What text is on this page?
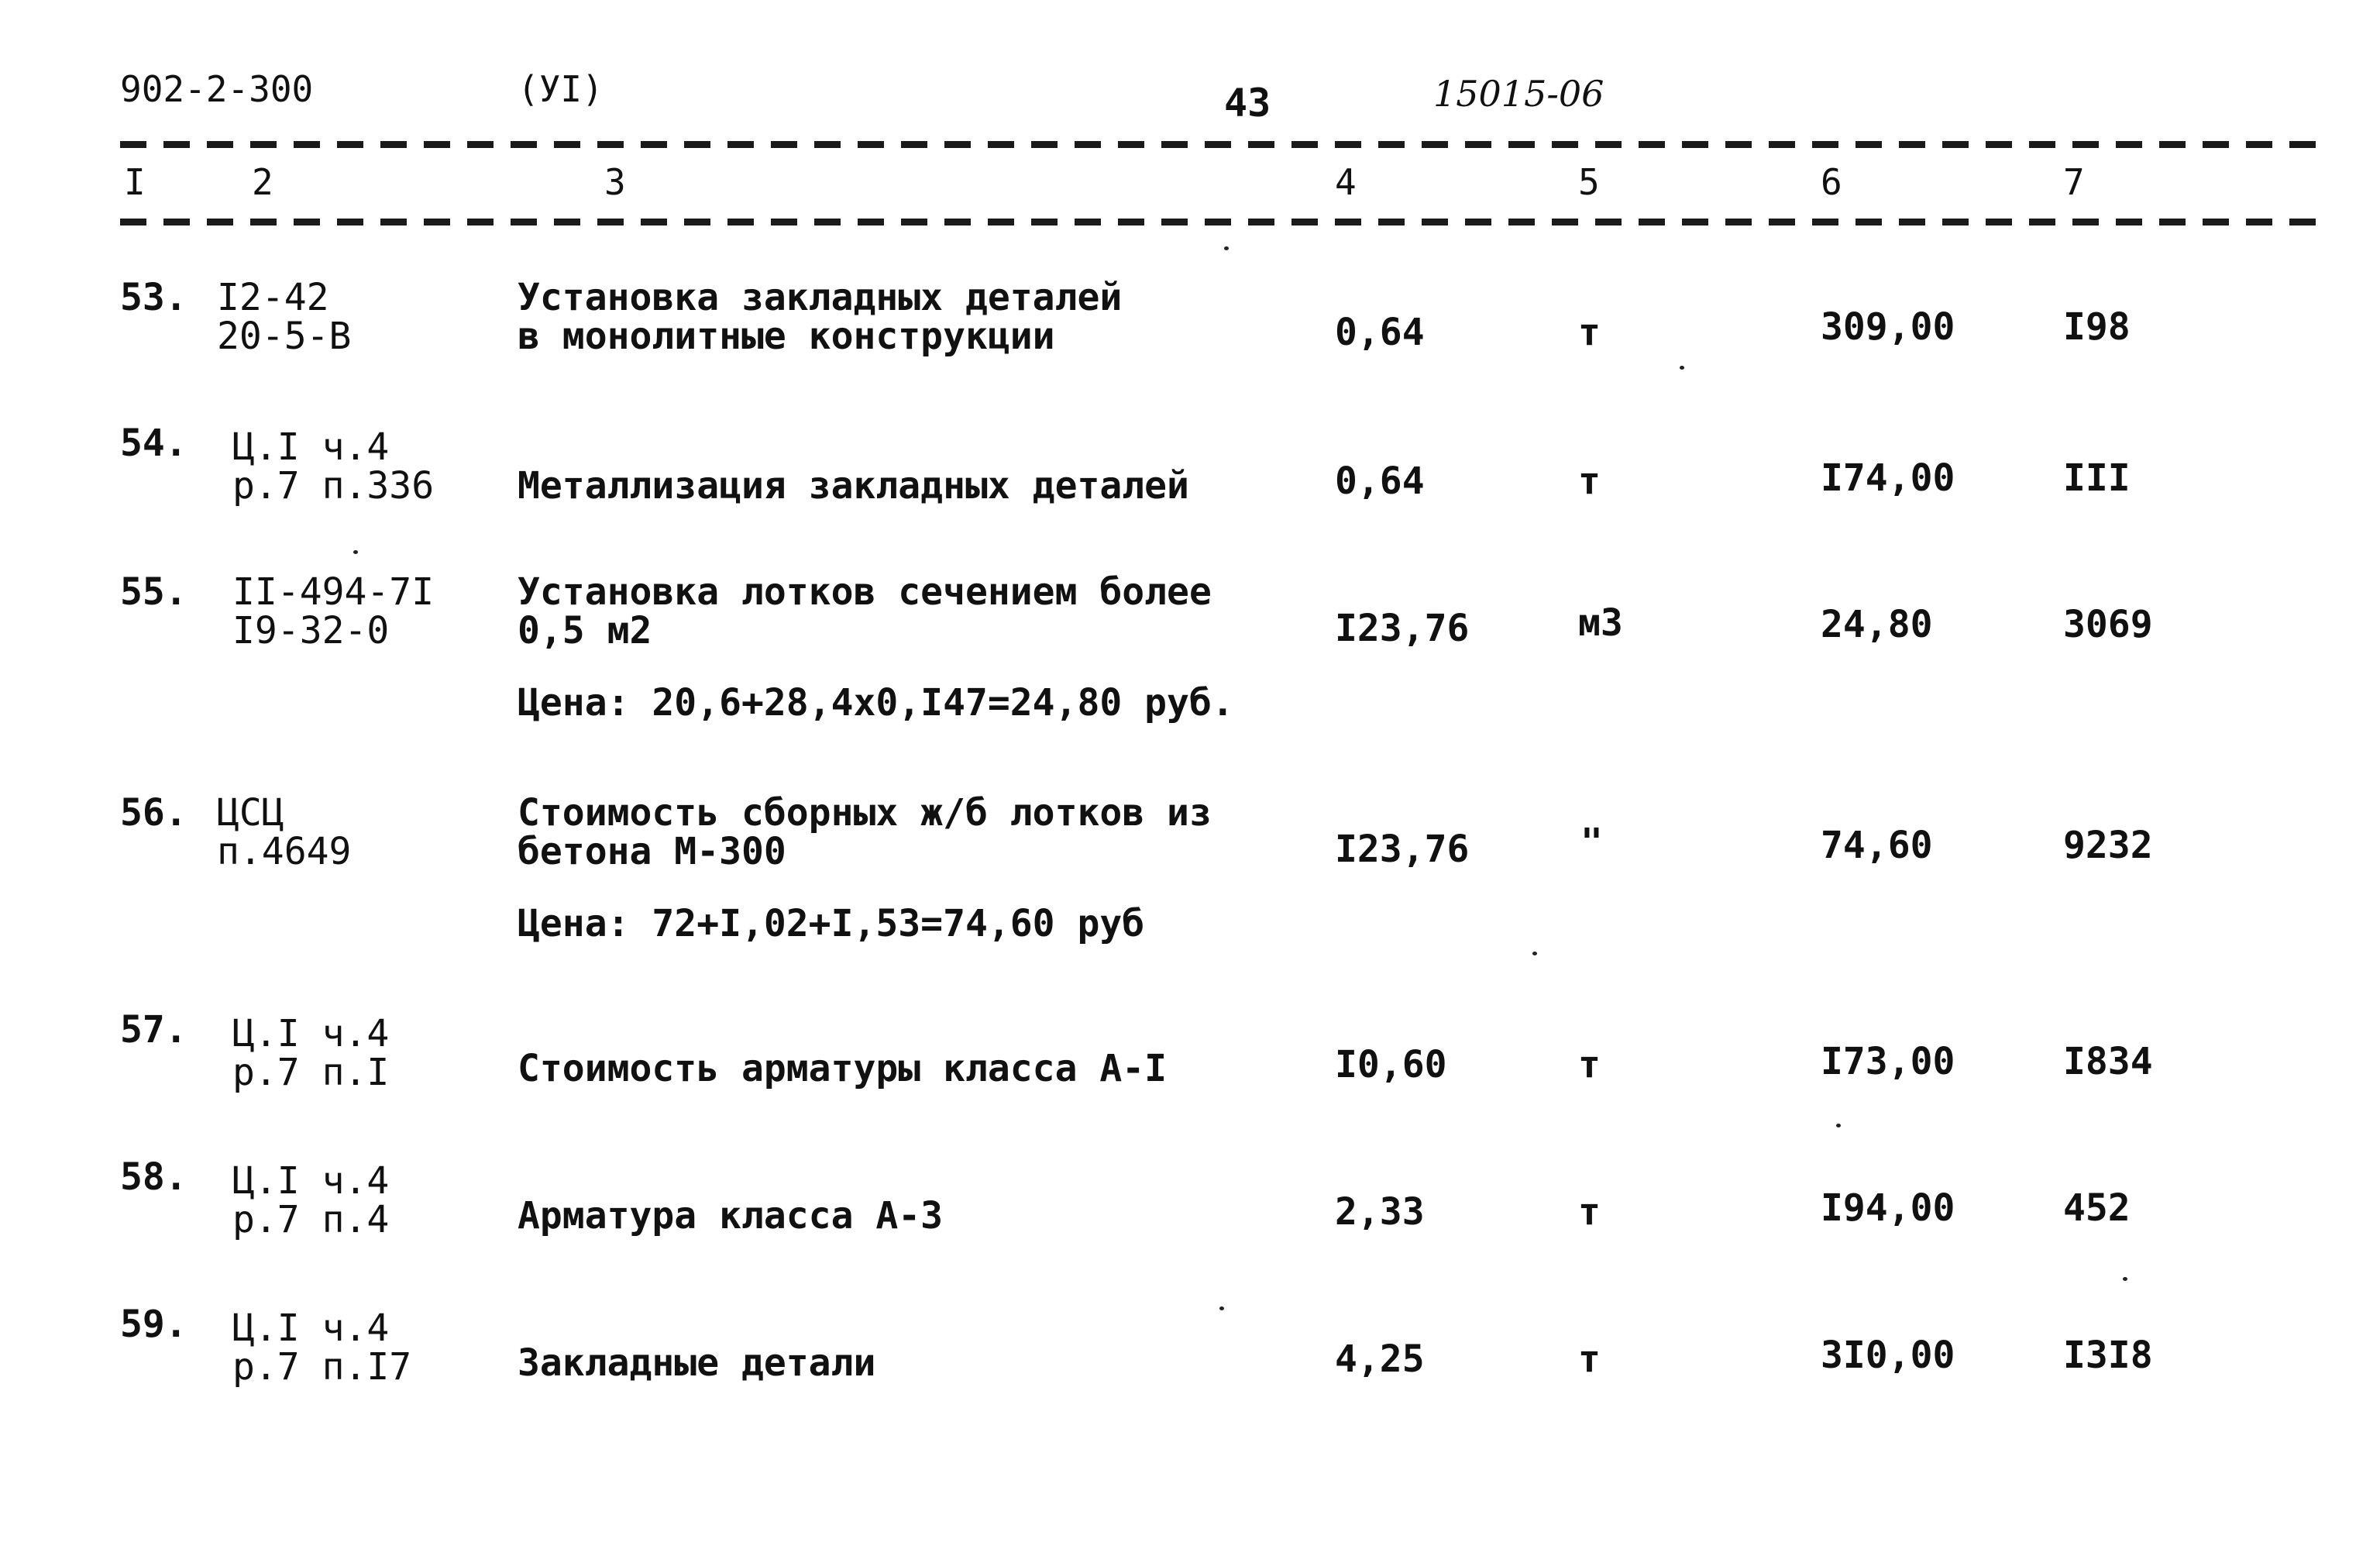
902-2-300	(УI)	43	15015-06
I	2	3	4	5	6	7
53. I2-42
20-5-В
Установка закладных деталей
в монолитные конструкции	0,64	т	309,00	I98
54. Ц.I ч.4
р.7 п.336 Металлизация закладных деталей	0,64	т	I74,00	III
55. II-494-7I
I9-32-0
Установка лотков сечением более
0,5 м2
Цена: 20,6+28,4х0,I47=24,80 руб.
I23,76	м3	24,80	3069
56. ЦСЦ
п.4649
Стоимость сборных ж/б лотков из
бетона М-300
Цена: 72+I,02+I,53=74,60 руб
I23,76	"	74,60	9232
57. Ц.I ч.4
р.7 п.I	Стоимость арматуры класса А-I	I0,60	т	I73,00	I834
58. Ц.I ч.4
р.7 п.4	Арматура класса А-3	2,33	т	I94,00	452
59. Ц.I ч.4
р.7 п.I7	Закладные детали	4,25	т	3I0,00	I3I8
